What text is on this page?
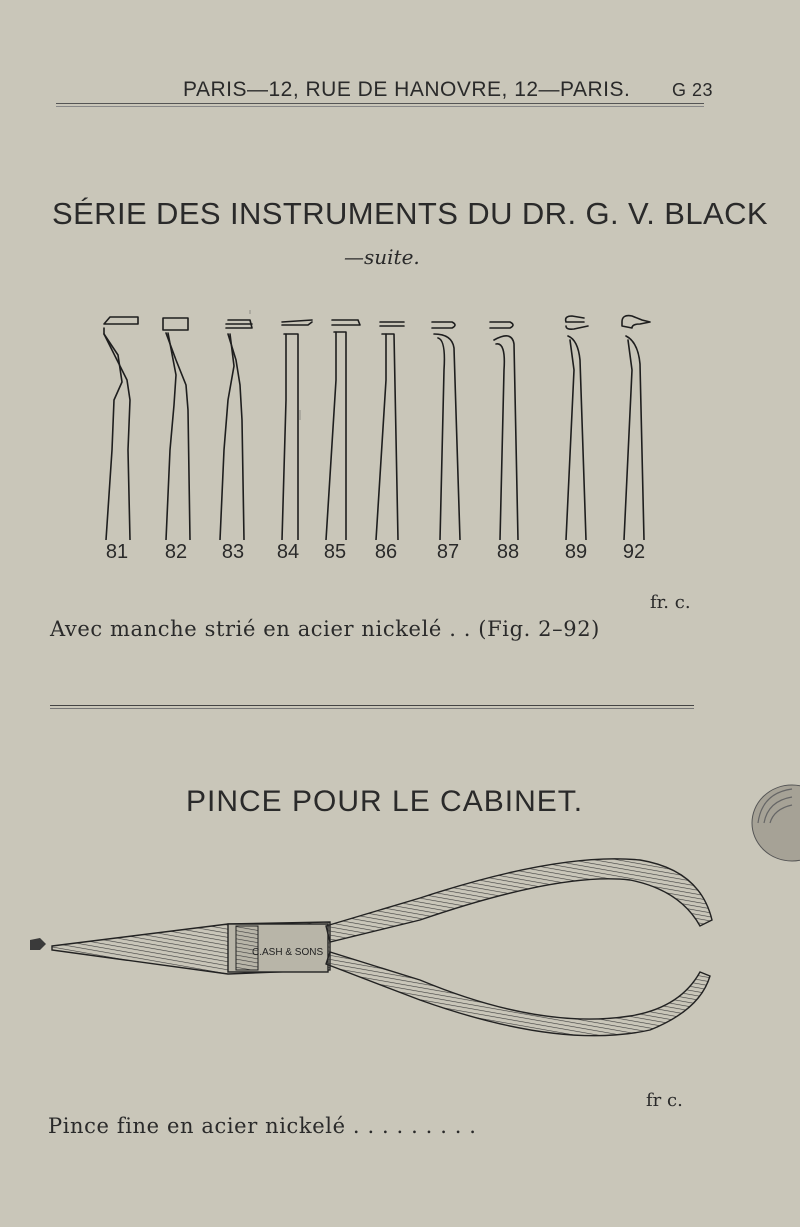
PARIS—12, RUE DE HANOVRE, 12—PARIS. G 23
SÉRIE DES INSTRUMENTS DU DR. G. V. BLACK
—suite.
81 82 83 84 85 86 87 88 89 92
fr. c.
Avec manche strié en acier nickelé . . (Fig. 2–92)
PINCE POUR LE CABINET.
C.ASH & SONS
fr c.
Pince fine en acier nickelé . . . . . . . . .
